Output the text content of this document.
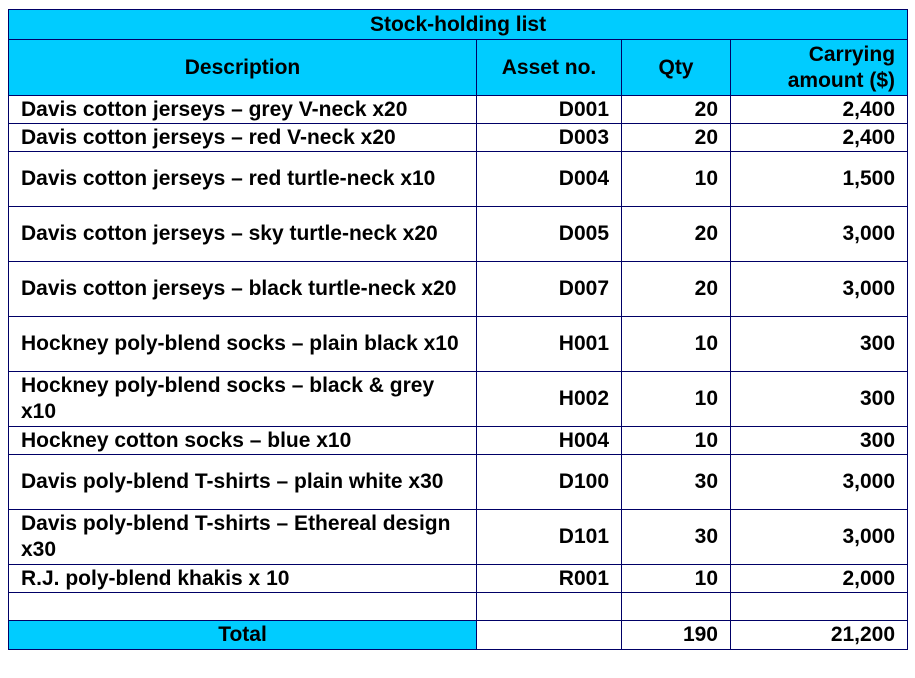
Stock-holding list			
Description	Asset no.	Qty	Carrying amount ($)
Davis cotton jerseys – grey V-neck x20	D001	20	2,400
Davis cotton jerseys – red V-neck x20	D003	20	2,400
Davis cotton jerseys – red turtle-neck x10	D004	10	1,500
Davis cotton jerseys – sky turtle-neck x20	D005	20	3,000
Davis cotton jerseys – black turtle-neck x20	D007	20	3,000
Hockney poly-blend socks – plain black x10	H001	10	300
Hockney poly-blend socks – black & grey x10	H002	10	300
Hockney cotton socks – blue x10	H004	10	300
Davis poly-blend T-shirts – plain white x30	D100	30	3,000
Davis poly-blend T-shirts – Ethereal design x30	D101	30	3,000
R.J. poly-blend khakis x 10	R001	10	2,000

Total		190	21,200
